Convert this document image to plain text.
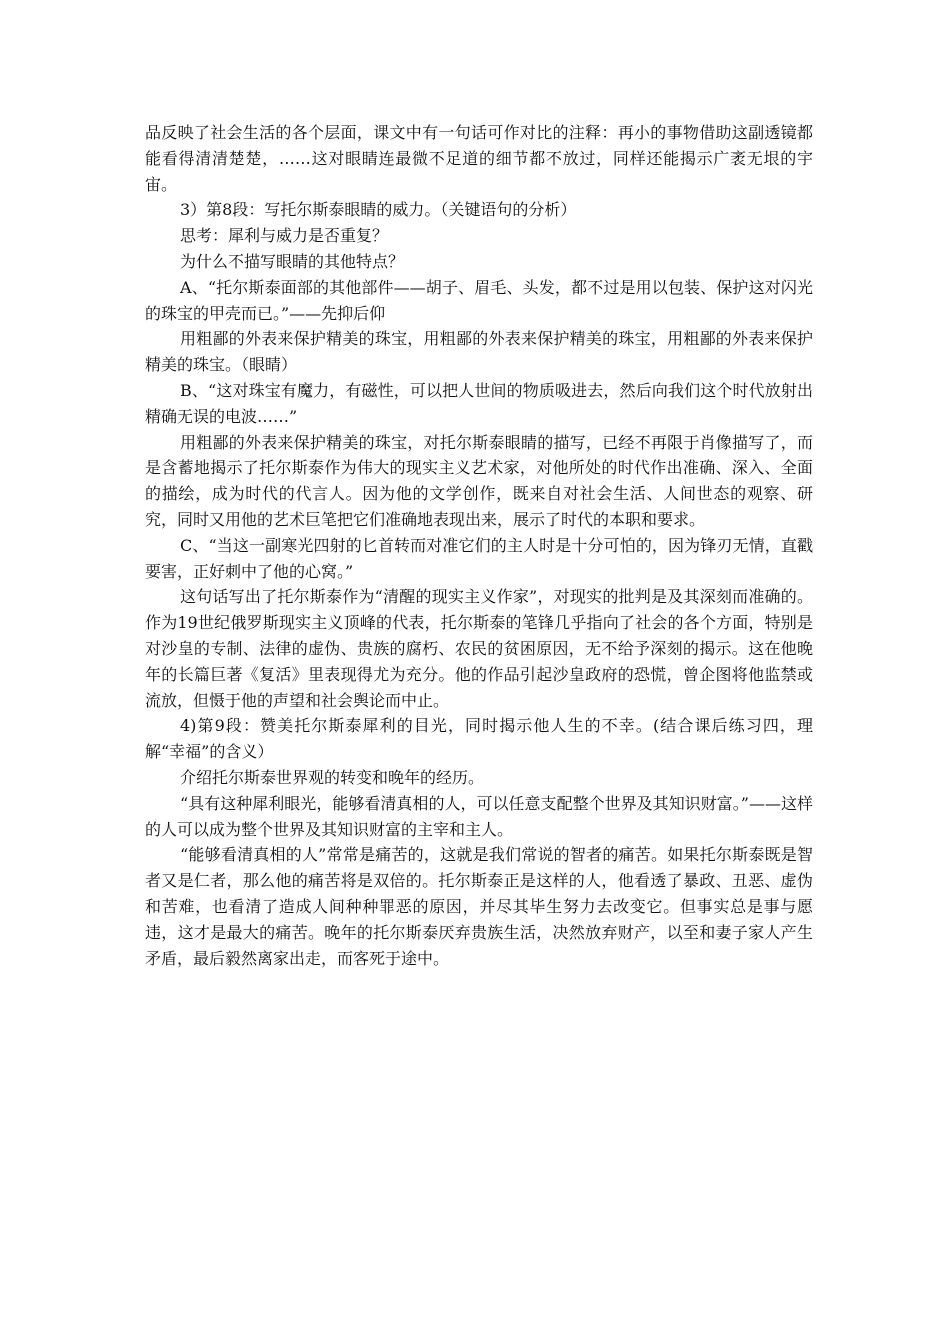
品反映了社会生活的各个层面，课文中有一句话可作对比的注释：再小的事物借助这副透镜都能看得清清楚楚，……这对眼睛连最微不足道的细节都不放过，同样还能揭示广袤无垠的宇宙。

3）第8段：写托尔斯泰眼睛的威力。（关键语句的分析）

思考：犀利与威力是否重复？

为什么不描写眼睛的其他特点？

A、“托尔斯泰面部的其他部件——胡子、眉毛、头发，都不过是用以包装、保护这对闪光的珠宝的甲壳而已。”——先抑后仰

用粗鄙的外表来保护精美的珠宝，用粗鄙的外表来保护精美的珠宝，用粗鄙的外表来保护精美的珠宝。（眼睛）

B、“这对珠宝有魔力，有磁性，可以把人世间的物质吸进去，然后向我们这个时代放射出精确无误的电波……”

用粗鄙的外表来保护精美的珠宝，对托尔斯泰眼睛的描写，已经不再限于肖像描写了，而是含蓄地揭示了托尔斯泰作为伟大的现实主义艺术家，对他所处的时代作出准确、深入、全面的描绘，成为时代的代言人。因为他的文学创作，既来自对社会生活、人间世态的观察、研究，同时又用他的艺术巨笔把它们准确地表现出来，展示了时代的本职和要求。

C、“当这一副寒光四射的匕首转而对准它们的主人时是十分可怕的，因为锋刃无情，直戳要害，正好刺中了他的心窝。”

这句话写出了托尔斯泰作为“清醒的现实主义作家”，对现实的批判是及其深刻而准确的。作为19世纪俄罗斯现实主义顶峰的代表，托尔斯泰的笔锋几乎指向了社会的各个方面，特别是对沙皇的专制、法律的虚伪、贵族的腐朽、农民的贫困原因，无不给予深刻的揭示。这在他晚年的长篇巨著《复活》里表现得尤为充分。他的作品引起沙皇政府的恐慌，曾企图将他监禁或流放，但慑于他的声望和社会舆论而中止。

4)第9段：赞美托尔斯泰犀利的目光，同时揭示他人生的不幸。(结合课后练习四，理解“幸福”的含义）

介绍托尔斯泰世界观的转变和晚年的经历。

“具有这种犀利眼光，能够看清真相的人，可以任意支配整个世界及其知识财富。”——这样的人可以成为整个世界及其知识财富的主宰和主人。

“能够看清真相的人”常常是痛苦的，这就是我们常说的智者的痛苦。如果托尔斯泰既是智者又是仁者，那么他的痛苦将是双倍的。托尔斯泰正是这样的人，他看透了暴政、丑恶、虚伪和苦难，也看清了造成人间种种罪恶的原因，并尽其毕生努力去改变它。但事实总是事与愿违，这才是最大的痛苦。晚年的托尔斯泰厌弃贵族生活，决然放弃财产，以至和妻子家人产生矛盾，最后毅然离家出走，而客死于途中。
